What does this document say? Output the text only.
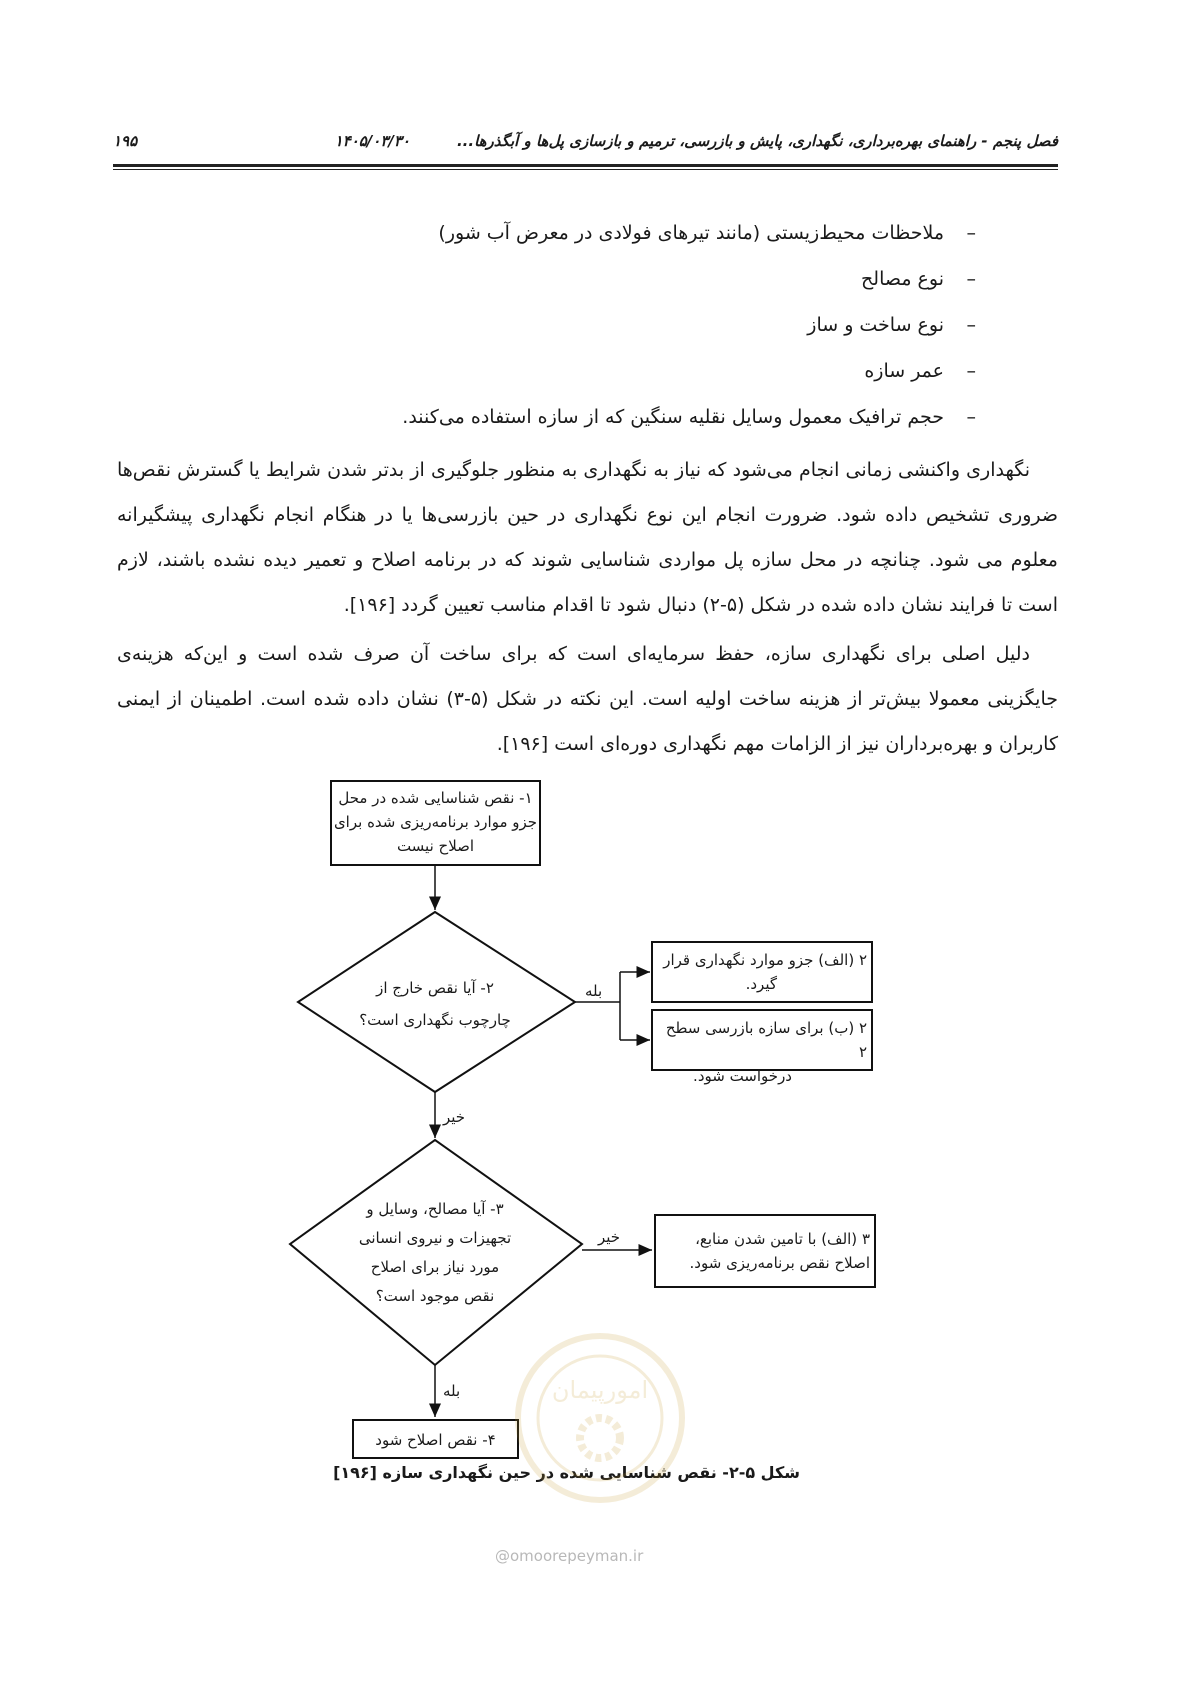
فصل پنجم - راهنمای بهره‌برداری، نگهداری، پایش و بازرسی، ترمیم و بازسازی پل‌ها و آبگذرها...
۱۴۰۵/۰۳/۳۰
۱۹۵
–ملاحظات محیط‌زیستی (مانند تیرهای فولادی در معرض آب شور)
–نوع مصالح
–نوع ساخت و ساز
–عمر سازه
–حجم ترافیک معمول وسایل نقلیه سنگین که از سازه استفاده می‌کنند.

نگهداری واکنشی زمانی انجام می‌شود که نیاز به نگهداری به منظور جلوگیری از بدتر شدن شرایط یا گسترش نقص‌ها ضروری تشخیص داده شود. ضرورت انجام این نوع نگهداری در حین بازرسی‌ها یا در هنگام انجام نگهداری پیشگیرانه معلوم می شود. چنانچه در محل سازه پل مواردی شناسایی شوند که در برنامه اصلاح و تعمیر دیده نشده باشند، لازم است تا فرایند نشان داده شده در شکل (۵-۲) دنبال شود تا اقدام مناسب تعیین گردد [۱۹۶].

دلیل اصلی برای نگهداری سازه، حفظ سرمایه‌ای است که برای ساخت آن صرف شده است و این‌که هزینه‌ی جایگزینی معمولا بیش‌تر از هزینه ساخت اولیه است. این نکته در شکل (۵-۳) نشان داده شده است. اطمینان از ایمنی کاربران و بهره‌برداران نیز از الزامات مهم نگهداری دوره‌ای است [۱۹۶].

۱- نقص شناسایی شده در محل
جزو موارد برنامه‌ریزی شده برای
اصلاح نیست
۲- آیا نقص خارج از
چارچوب نگهداری است؟
۲ (الف) جزو موارد نگهداری قرار
گیرد.
۲ (ب) برای سازه بازرسی سطح ۲
درخواست شود.
۳- آیا مصالح، وسایل و
تجهیزات و نیروی انسانی
مورد نیاز برای اصلاح
نقص موجود است؟
۳ (الف) با تامین شدن منابع،
اصلاح نقص برنامه‌ریزی شود.
۴- نقص اصلاح شود
بله
خیر
خیر
بله
شکل ۵-۲- نقص شناسایی شده در حین نگهداری سازه [۱۹۶]
امورپیمان
@omoorepeyman.ir
